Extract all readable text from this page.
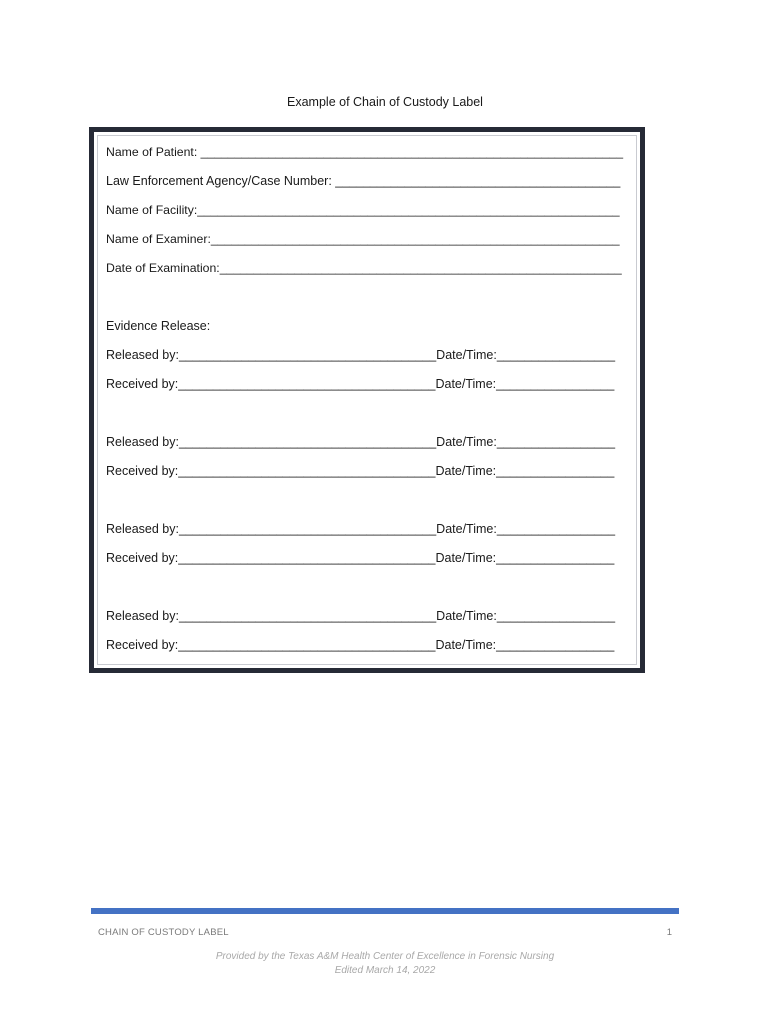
Example of Chain of Custody Label
Name of Patient: ______________________________________________________________
Law Enforcement Agency/Case Number: _________________________________________
Name of Facility:______________________________________________________________
Name of Examiner:____________________________________________________________
Date of Examination:___________________________________________________________
Evidence Release:
Released by:_____________________________________Date/Time:_________________
Received by:_____________________________________Date/Time:_________________
Released by:_____________________________________Date/Time:_________________
Received by:_____________________________________Date/Time:_________________
Released by:_____________________________________Date/Time:_________________
Received by:_____________________________________Date/Time:_________________
Released by:_____________________________________Date/Time:_________________
Received by:_____________________________________Date/Time:_________________
CHAIN OF CUSTODY LABEL	1
Provided by the Texas A&M Health Center of Excellence in Forensic Nursing
Edited March 14, 2022
